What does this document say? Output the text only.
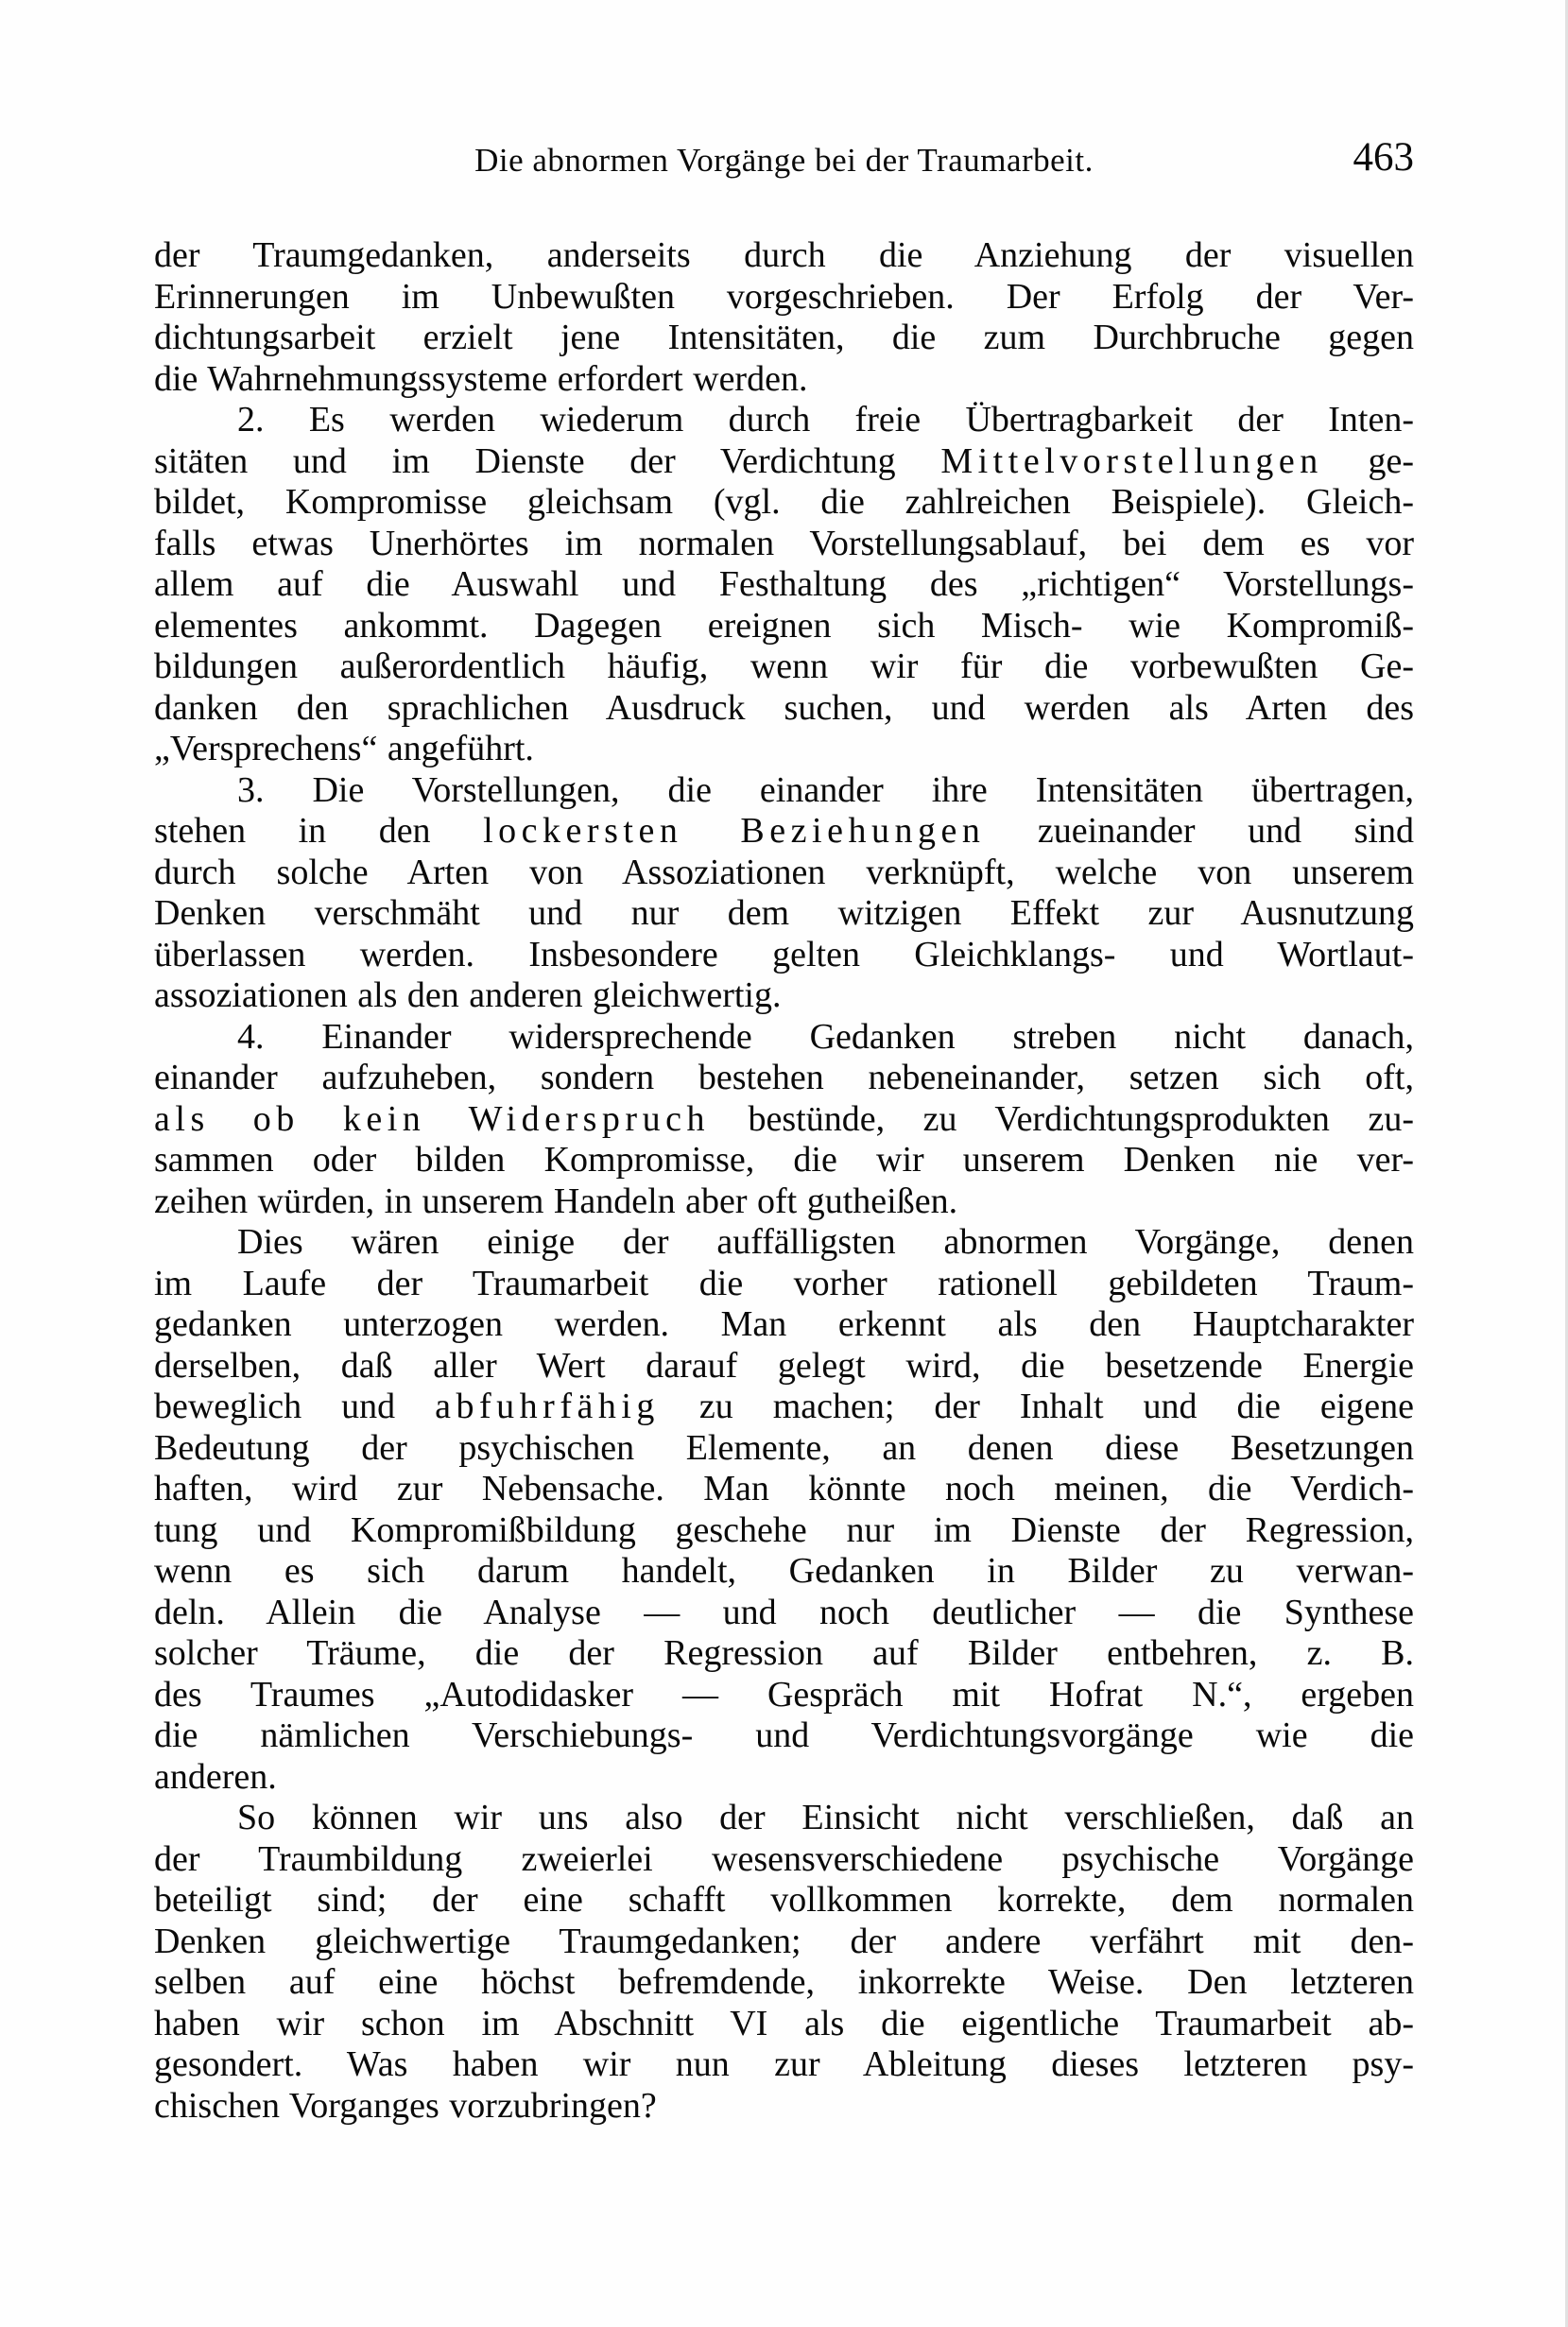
Die abnormen Vorgänge bei der Traumarbeit.	463
der Traumgedanken, anderseits durch die Anziehung der visuellen
Erinnerungen im Unbewußten vorgeschrieben. Der Erfolg der Ver-
dichtungsarbeit erzielt jene Intensitäten, die zum Durchbruche gegen
die Wahrnehmungssysteme erfordert werden.
2. Es werden wiederum durch freie Übertragbarkeit der Inten-
sitäten und im Dienste der Verdichtung Mittelvorstellungen ge-
bildet, Kompromisse gleichsam (vgl. die zahlreichen Beispiele). Gleich-
falls etwas Unerhörtes im normalen Vorstellungsablauf, bei dem es vor
allem auf die Auswahl und Festhaltung des „richtigen“ Vorstellungs-
elementes ankommt. Dagegen ereignen sich Misch- wie Kompromiß-
bildungen außerordentlich häufig, wenn wir für die vorbewußten Ge-
danken den sprachlichen Ausdruck suchen, und werden als Arten des
„Versprechens“ angeführt.
3. Die Vorstellungen, die einander ihre Intensitäten übertragen,
stehen in den lockersten Beziehungen zueinander und sind
durch solche Arten von Assoziationen verknüpft, welche von unserem
Denken verschmäht und nur dem witzigen Effekt zur Ausnutzung
überlassen werden. Insbesondere gelten Gleichklangs- und Wortlaut-
assoziationen als den anderen gleichwertig.
4. Einander widersprechende Gedanken streben nicht danach,
einander aufzuheben, sondern bestehen nebeneinander, setzen sich oft,
als ob kein Widerspruch bestünde, zu Verdichtungsprodukten zu-
sammen oder bilden Kompromisse, die wir unserem Denken nie ver-
zeihen würden, in unserem Handeln aber oft gutheißen.
Dies wären einige der auffälligsten abnormen Vorgänge, denen
im Laufe der Traumarbeit die vorher rationell gebildeten Traum-
gedanken unterzogen werden. Man erkennt als den Hauptcharakter
derselben, daß aller Wert darauf gelegt wird, die besetzende Energie
beweglich und abfuhrfähig zu machen; der Inhalt und die eigene
Bedeutung der psychischen Elemente, an denen diese Besetzungen
haften, wird zur Nebensache. Man könnte noch meinen, die Verdich-
tung und Kompromißbildung geschehe nur im Dienste der Regression,
wenn es sich darum handelt, Gedanken in Bilder zu verwan-
deln. Allein die Analyse — und noch deutlicher — die Synthese
solcher Träume, die der Regression auf Bilder entbehren, z. B.
des Traumes „Autodidasker — Gespräch mit Hofrat N.“, ergeben
die nämlichen Verschiebungs- und Verdichtungsvorgänge wie die
anderen.
So können wir uns also der Einsicht nicht verschließen, daß an
der Traumbildung zweierlei wesensverschiedene psychische Vorgänge
beteiligt sind; der eine schafft vollkommen korrekte, dem normalen
Denken gleichwertige Traumgedanken; der andere verfährt mit den-
selben auf eine höchst befremdende, inkorrekte Weise. Den letzteren
haben wir schon im Abschnitt VI als die eigentliche Traumarbeit ab-
gesondert. Was haben wir nun zur Ableitung dieses letzteren psy-
chischen Vorganges vorzubringen?
